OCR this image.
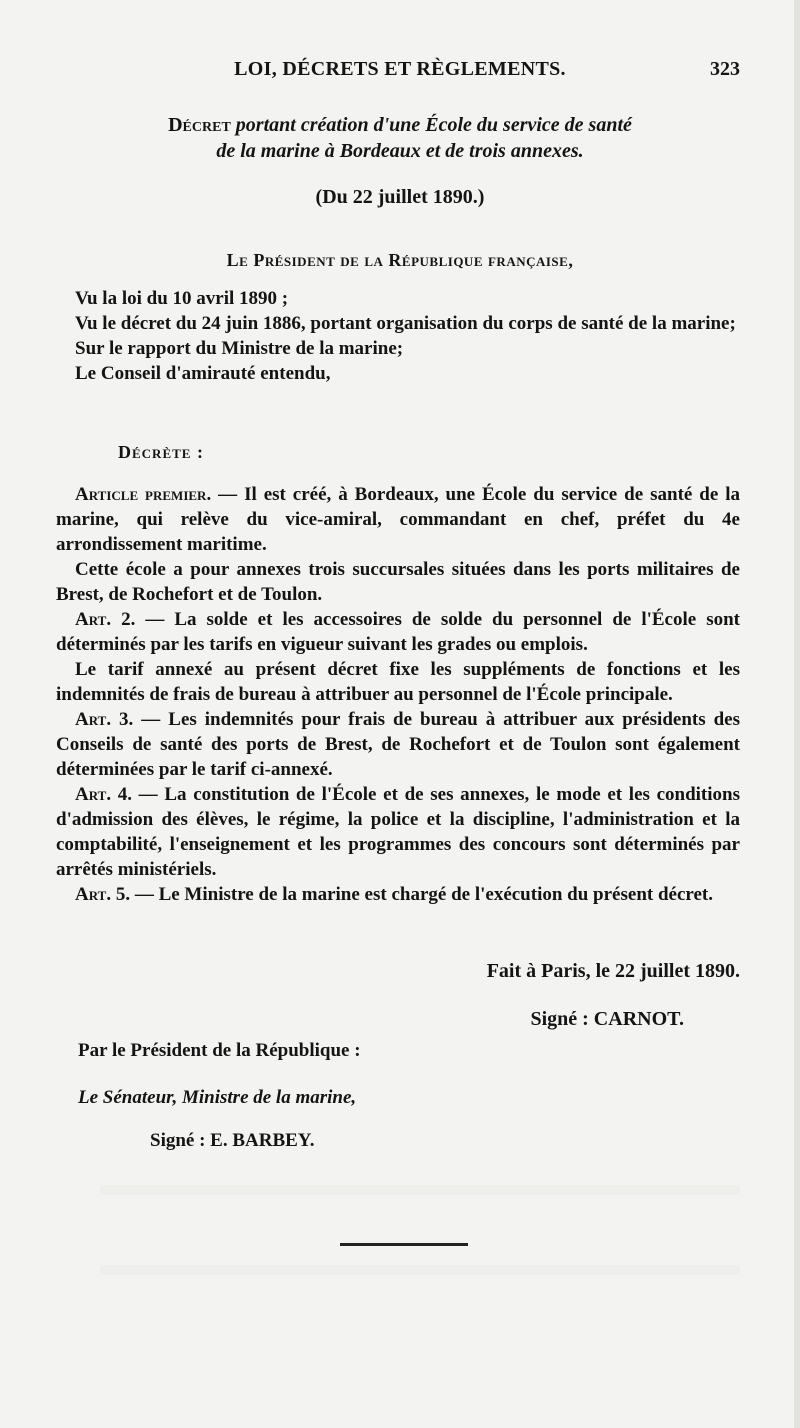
LOI, DÉCRETS ET RÈGLEMENTS.	323
Décret portant création d'une École du service de santé
de la marine à Bordeaux et de trois annexes.
(Du 22 juillet 1890.)
Le Président de la République française,

Vu la loi du 10 avril 1890 ;

Vu le décret du 24 juin 1886, portant organisation du corps de santé de la marine;

Sur le rapport du Ministre de la marine;

Le Conseil d'amirauté entendu,

Décrète :

Article premier. — Il est créé, à Bordeaux, une École du service de santé de la marine, qui relève du vice-amiral, commandant en chef, préfet du 4e arrondissement maritime.

Cette école a pour annexes trois succursales situées dans les ports militaires de Brest, de Rochefort et de Toulon.

Art. 2. — La solde et les accessoires de solde du personnel de l'École sont déterminés par les tarifs en vigueur suivant les grades ou emplois.

Le tarif annexé au présent décret fixe les suppléments de fonctions et les indemnités de frais de bureau à attribuer au personnel de l'École principale.

Art. 3. — Les indemnités pour frais de bureau à attribuer aux présidents des Conseils de santé des ports de Brest, de Rochefort et de Toulon sont également déterminées par le tarif ci-annexé.

Art. 4. — La constitution de l'École et de ses annexes, le mode et les conditions d'admission des élèves, le régime, la police et la discipline, l'administration et la comptabilité, l'enseignement et les programmes des concours sont déterminés par arrêtés ministériels.

Art. 5. — Le Ministre de la marine est chargé de l'exécution du présent décret.

Fait à Paris, le 22 juillet 1890.
Signé : CARNOT.
Par le Président de la République :
Le Sénateur, Ministre de la marine,
Signé : E. BARBEY.
